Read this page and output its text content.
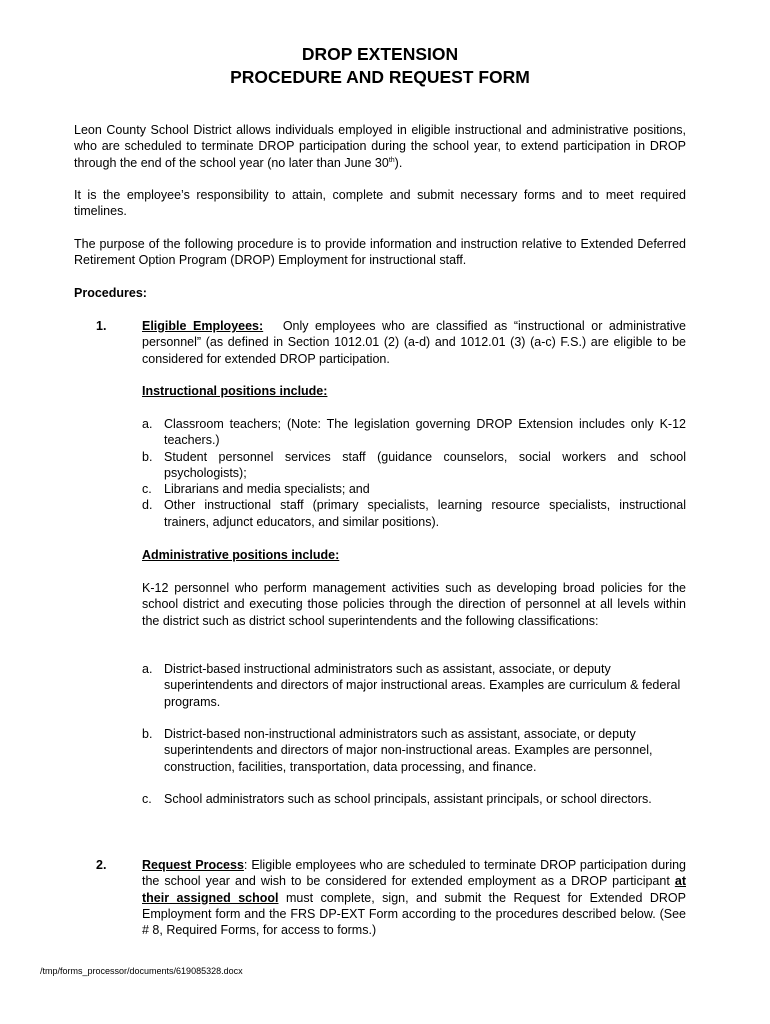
DROP EXTENSION
PROCEDURE AND REQUEST FORM

Leon County School District allows individuals employed in eligible instructional and administrative positions, who are scheduled to terminate DROP participation during the school year, to extend participation in DROP through the end of the school year (no later than June 30th).

It is the employee’s responsibility to attain, complete and submit necessary forms and to meet required timelines.

The purpose of the following procedure is to provide information and instruction relative to Extended Deferred Retirement Option Program (DROP) Employment for instructional staff.

Procedures:
1.	Eligible Employees: Only employees who are classified as “instructional or administrative personnel” (as defined in Section 1012.01 (2) (a-d) and 1012.01 (3) (a-c) F.S.) are eligible to be considered for extended DROP participation.

Instructional positions include:
a. Classroom teachers; (Note: The legislation governing DROP Extension includes only K-12 teachers.)
b. Student personnel services staff (guidance counselors, social workers and school psychologists);
c. Librarians and media specialists; and
d. Other instructional staff (primary specialists, learning resource specialists, instructional trainers, adjunct educators, and similar positions).
Administrative positions include:

K-12 personnel who perform management activities such as developing broad policies for the school district and executing those policies through the direction of personnel at all levels within the district such as district school superintendents and the following classifications:

a. District-based instructional administrators such as assistant, associate, or deputy superintendents and directors of major instructional areas. Examples are curriculum & federal programs.
b. District-based non-instructional administrators such as assistant, associate, or deputy superintendents and directors of major non-instructional areas. Examples are personnel, construction, facilities, transportation, data processing, and finance.
c. School administrators such as school principals, assistant principals, or school directors.
2.	Request Process: Eligible employees who are scheduled to terminate DROP participation during the school year and wish to be considered for extended employment as a DROP participant at their assigned school must complete, sign, and submit the Request for Extended DROP Employment form and the FRS DP-EXT Form according to the procedures described below. (See # 8, Required Forms, for access to forms.)

/tmp/forms_processor/documents/619085328.docx
